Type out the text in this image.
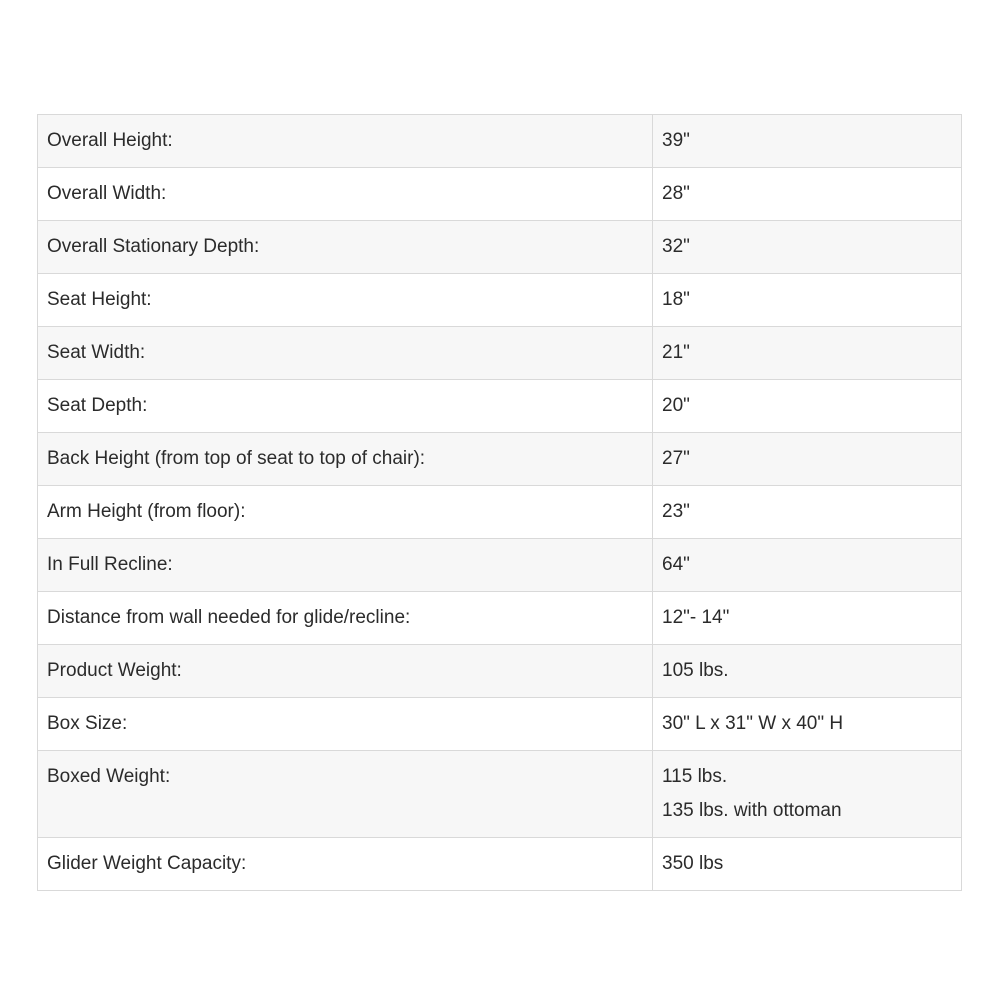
Overall Height:	39"

Overall Width:	28"

Overall Stationary Depth:	32"

Seat Height:	18"

Seat Width:	21"

Seat Depth:	20"

Back Height (from top of seat to top of chair):	27"

Arm Height (from floor):	23"

In Full Recline:	64"

Distance from wall needed for glide/recline:	12"- 14"

Product Weight:	105 lbs.

Box Size:	30" L x 31" W x 40" H

Boxed Weight:	115 lbs.
135 lbs. with ottoman

Glider Weight Capacity:	350 lbs
